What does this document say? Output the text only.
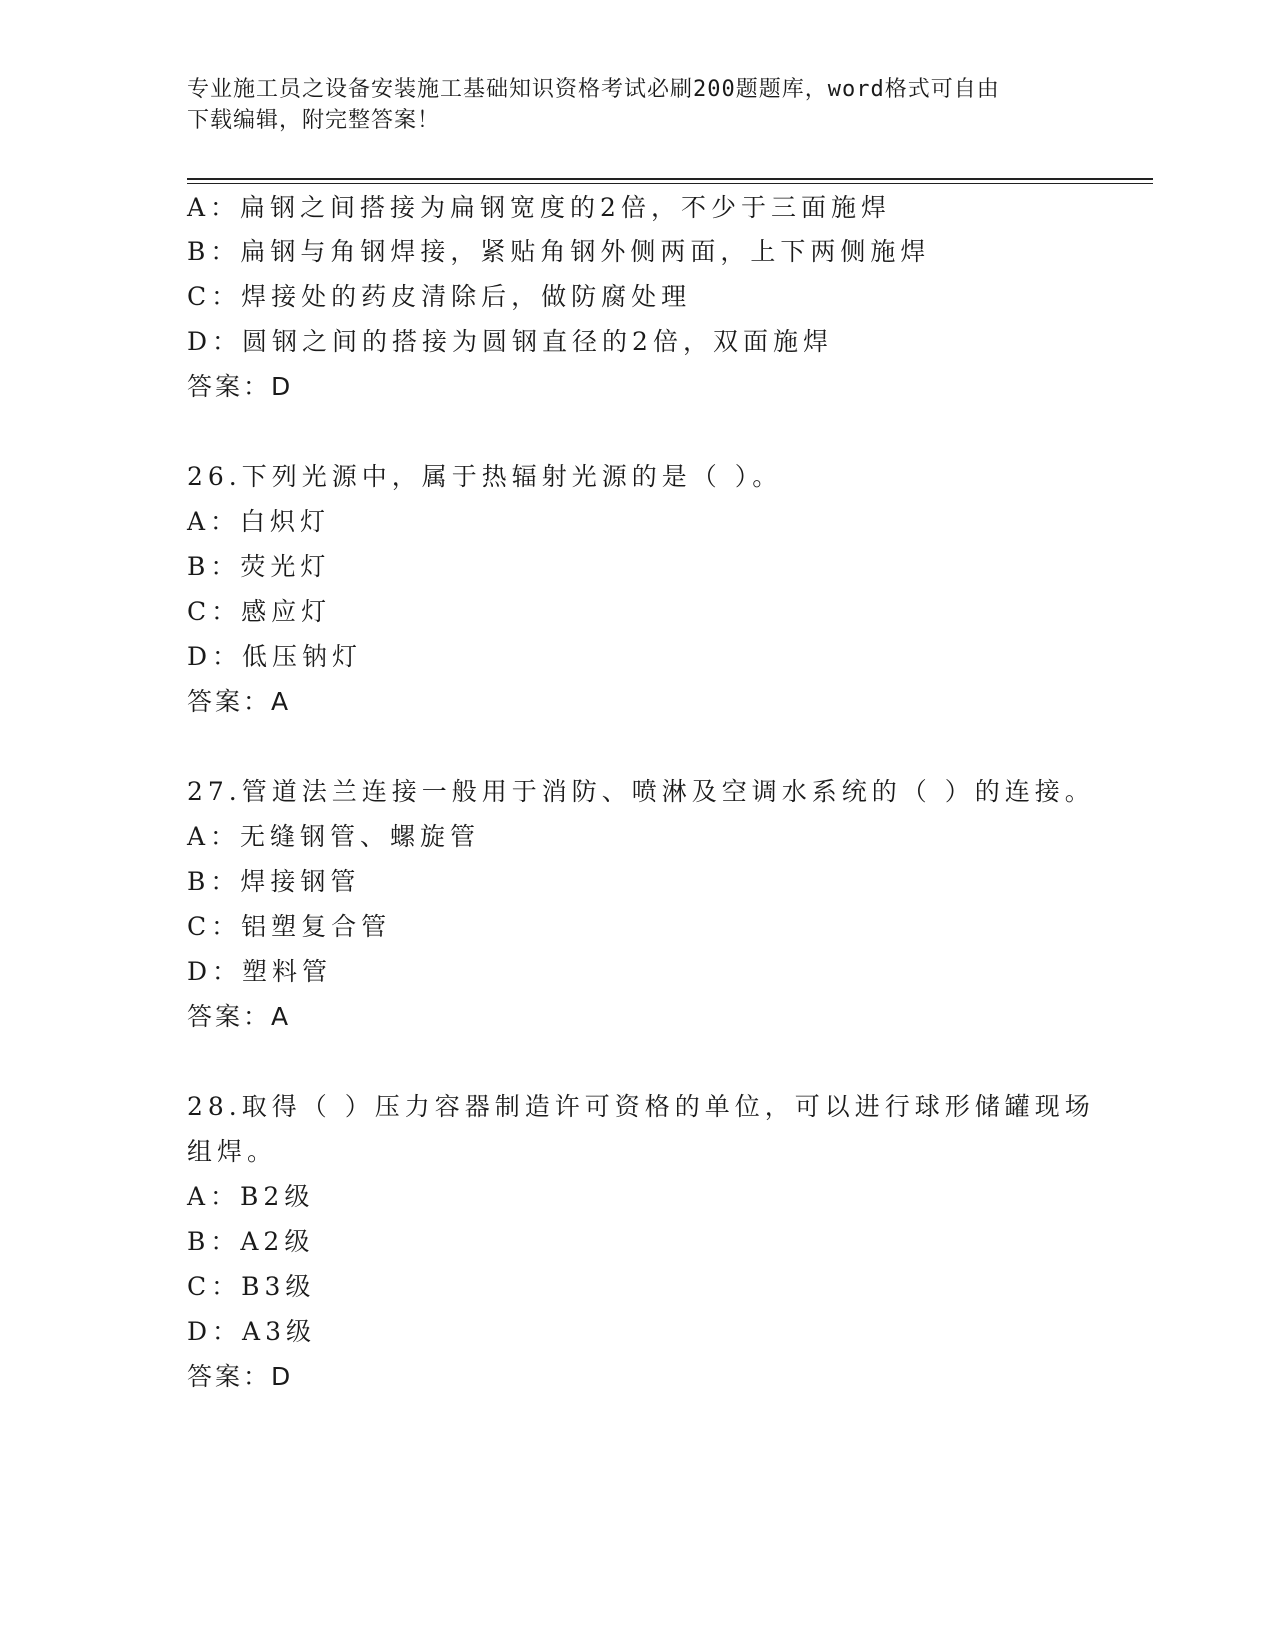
专业施工员之设备安装施工基础知识资格考试必刷200题题库，word格式可自由
下载编辑，附完整答案！
A：扁钢之间搭接为扁钢宽度的2倍，不少于三面施焊
B：扁钢与角钢焊接，紧贴角钢外侧两面，上下两侧施焊
C：焊接处的药皮清除后，做防腐处理
D：圆钢之间的搭接为圆钢直径的2倍，双面施焊
答案：D
26.下列光源中，属于热辐射光源的是（ ）。
A：白炽灯
B：荧光灯
C：感应灯
D：低压钠灯
答案：A
27.管道法兰连接一般用于消防、喷淋及空调水系统的（ ）的连接。
A：无缝钢管、螺旋管
B：焊接钢管
C：铝塑复合管
D：塑料管
答案：A
28.取得（ ）压力容器制造许可资格的单位，可以进行球形储罐现场
组焊。
A：B2级
B：A2级
C：B3级
D：A3级
答案：D
